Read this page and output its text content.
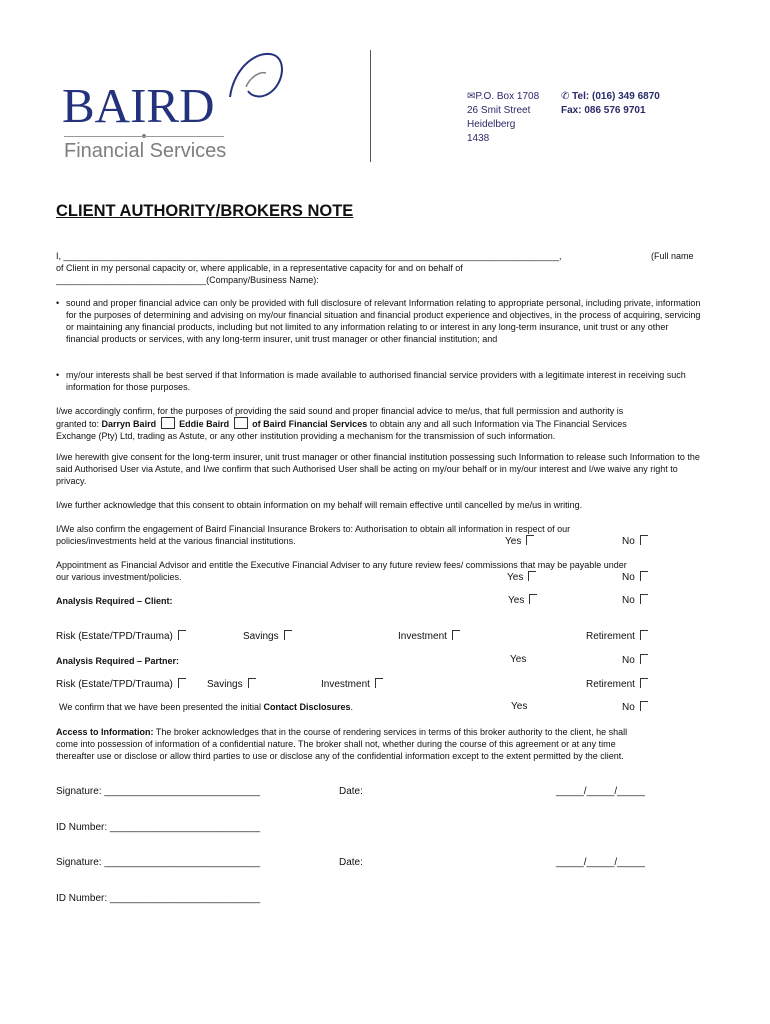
BAIRD
Financial Services
✉P.O. Box 1708
26 Smit Street
Heidelberg
1438
✆ Tel: (016) 349 6870
Fax: 086 576 9701
CLIENT AUTHORITY/BROKERS NOTE
I, ___________________________________________________________________________________________________,	(Full name
of Client in my personal capacity or, where applicable, in a representative capacity for and on behalf of
______________________________(Company/Business Name):
• sound and proper financial advice can only be provided with full disclosure of relevant Information relating to appropriate personal, including private, information for the purposes of determining and advising on my/our financial situation and financial product experience and objectives, in the process of acquiring, servicing or maintaining any financial products, including but not limited to any information relating to or interest in any long-term insurance, unit trust or any other financial products or services, with any long-term insurer, unit trust manager or other financial institution; and
• my/our interests shall be best served if that Information is made available to authorised financial service providers with a legitimate interest in receiving such information for those purposes.
I/we accordingly confirm, for the purposes of providing the said sound and proper financial advice to me/us, that full permission and authority is
granted to: Darryn Baird	Eddie Baird	of Baird Financial Services to obtain any and all such Information via The Financial Services
Exchange (Pty) Ltd, trading as Astute, or any other institution providing a mechanism for the transmission of such information.
I/we herewith give consent for the long-term insurer, unit trust manager or other financial institution possessing such Information to release such Information to the said Authorised User via Astute, and I/we confirm that such Authorised User shall be acting on my/our behalf or in my/our interest and I/we waive any right to privacy.
I/we further acknowledge that this consent to obtain information on my behalf will remain effective until cancelled by me/us in writing.
I/We also confirm the engagement of Baird Financial Insurance Brokers to: Authorisation to obtain all information in respect of our
policies/investments held at the various financial institutions.	Yes	No
Appointment as Financial Advisor and entitle the Executive Financial Adviser to any future review fees/ commissions that may be payable under
our various investment/policies.	Yes	No
Analysis Required – Client:	Yes	No
Risk (Estate/TPD/Trauma)	Savings	Investment	Retirement
Analysis Required – Partner:	Yes	No
Risk (Estate/TPD/Trauma)	Savings	Investment	Retirement
We confirm that we have been presented the initial Contact Disclosures.	Yes	No
Access to Information: The broker acknowledges that in the course of rendering services in terms of this broker authority to the client, he shall
come into possession of information of a confidential nature. The broker shall not, whether during the course of this agreement or at any time
thereafter use or disclose or allow third parties to use or disclose any of the confidential information except to the extent permitted by the client.
Signature: ____________________________	Date:	_____/_____/_____
ID Number: ___________________________
Signature: ____________________________	Date:	_____/_____/_____
ID Number: ___________________________
